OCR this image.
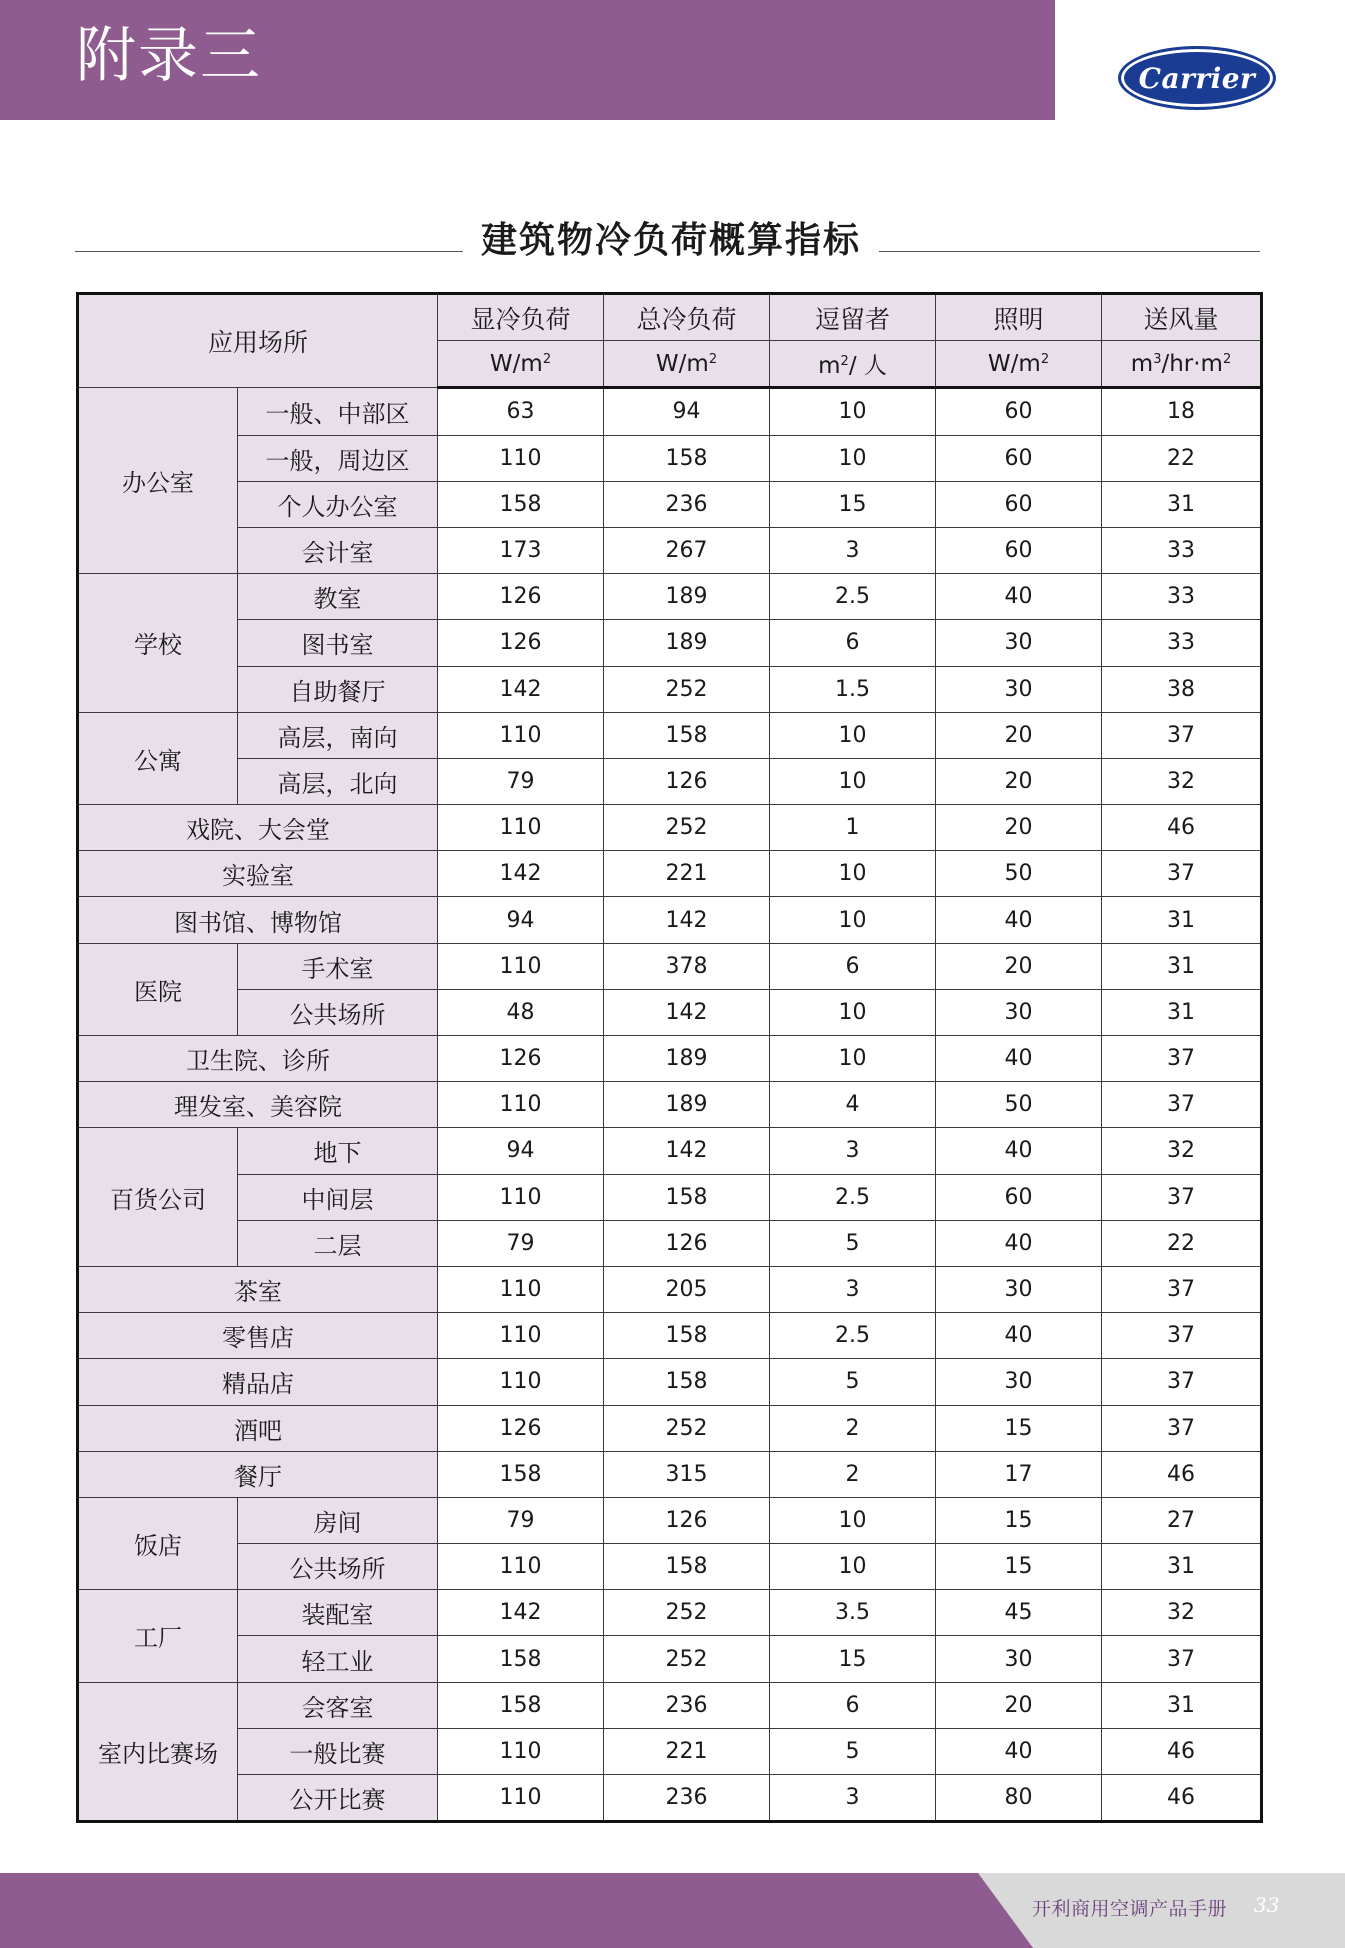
附录三	Carrier
™
建筑物冷负荷概算指标
应用场所		显冷负荷	总冷负荷	逗留者	照明	送风量
		$W/m^2$	$W/m^2$	$m^2/$ 人	$W/m^2$	$m^3/hr\cdot m^2$
办公室	一般、中部区	63	94	10	60	18
	一般，周边区	110	158	10	60	22
	个人办公室	158	236	15	60	31
	会计室	173	267	3	60	33
学校	教室	126	189	2.5	40	33
	图书室	126	189	6	30	33
	自助餐厅	142	252	1.5	30	38
公寓	高层，南向	110	158	10	20	37
	高层，北向	79	126	10	20	32
戏院、大会堂		110	252	1	20	46
实验室		142	221	10	50	37
图书馆、博物馆		94	142	10	40	31
医院	手术室	110	378	6	20	31
	公共场所	48	142	10	30	31
卫生院、诊所		126	189	10	40	37
理发室、美容院		110	189	4	50	37
百货公司	地下	94	142	3	40	32
	中间层	110	158	2.5	60	37
	二层	79	126	5	40	22
茶室		110	205	3	30	37
零售店		110	158	2.5	40	37
精品店		110	158	5	30	37
酒吧		126	252	2	15	37
餐厅		158	315	2	17	46
饭店	房间	79	126	10	15	27
	公共场所	110	158	10	15	31
工厂	装配室	142	252	3.5	45	32
	轻工业	158	252	15	30	37
室内比赛场	会客室	158	236	6	20	31
	一般比赛	110	221	5	40	46
	公开比赛	110	236	3	80	46
开利商用空调产品手册 33
